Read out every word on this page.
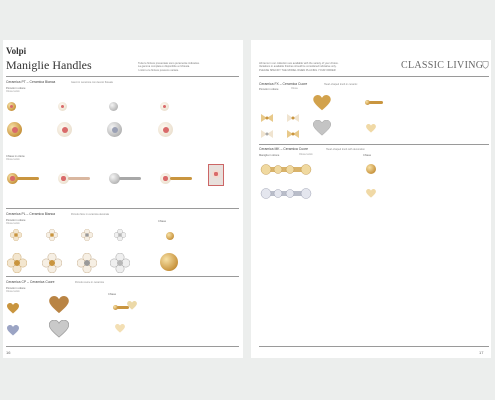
Volpi
Maniglie Handles	Tutte le finiture presentate sono puramente indicative.
La gamma completa è disponibile a richiesta.
I colori e le finiture possono variare.
Ceramica PT – Ceramica Bianca	Ganci in ceramica con decoro floreale
Pomolo in ottone
Ottone lucido
Chiave in ottone
Ottone lucido
Ceramica PL – Ceramica Bianca	Pomolo fiore in ceramica decorata
Pomolo in ottone
Ottone lucido
Chiave
Ceramica CP – Ceramica Cuore	Pomolo cuore in ceramica
Pomolo in ottone
Ottone lucido
Chiave
16
All items in our collection are available with the variety of your choice.
Variations in available finishes should be considered indicative only.
PLEASE SPECIFY THE MODEL WHEN PLACING YOUR ORDER	CLASSIC LIVING
Ceramica FX – Ceramica Cuore	Heart-shaped knob in ceramic
Pomolo in ottone	Ottone
Ceramica MK – Ceramica Cuore	Heart-shaped knob with decoration
Maniglia in ottone	Ottone lucido	Chiave
17
